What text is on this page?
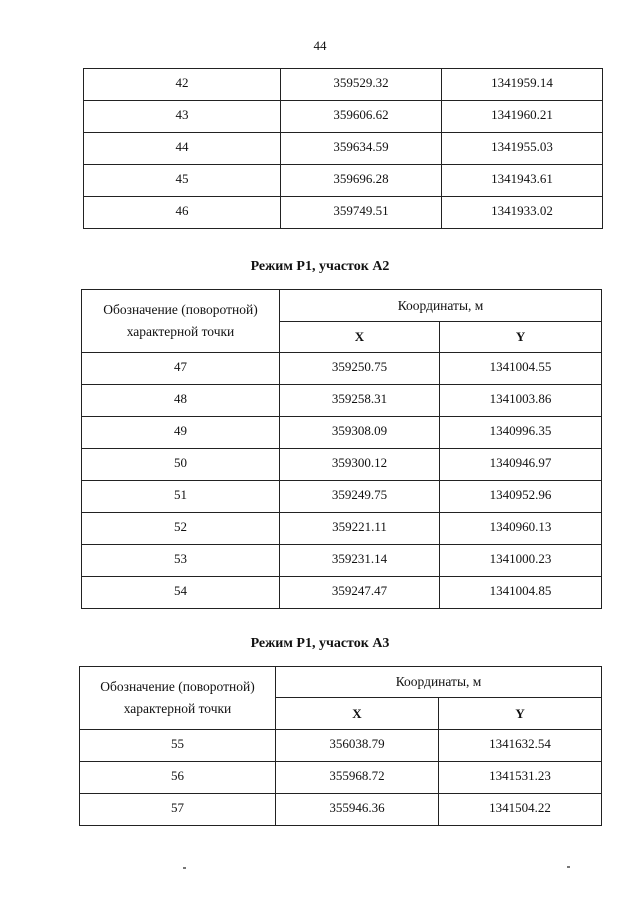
44
42	359529.32	1341959.14
43	359606.62	1341960.21
44	359634.59	1341955.03
45	359696.28	1341943.61
46	359749.51	1341933.02
Режим Р1, участок А2
Обозначение (поворотной)
характерной точки	Координаты, м	
	X	Y
47	359250.75	1341004.55
48	359258.31	1341003.86
49	359308.09	1340996.35
50	359300.12	1340946.97
51	359249.75	1340952.96
52	359221.11	1340960.13
53	359231.14	1341000.23
54	359247.47	1341004.85
Режим Р1, участок А3
Обозначение (поворотной)
характерной точки	Координаты, м	
	X	Y
55	356038.79	1341632.54
56	355968.72	1341531.23
57	355946.36	1341504.22
